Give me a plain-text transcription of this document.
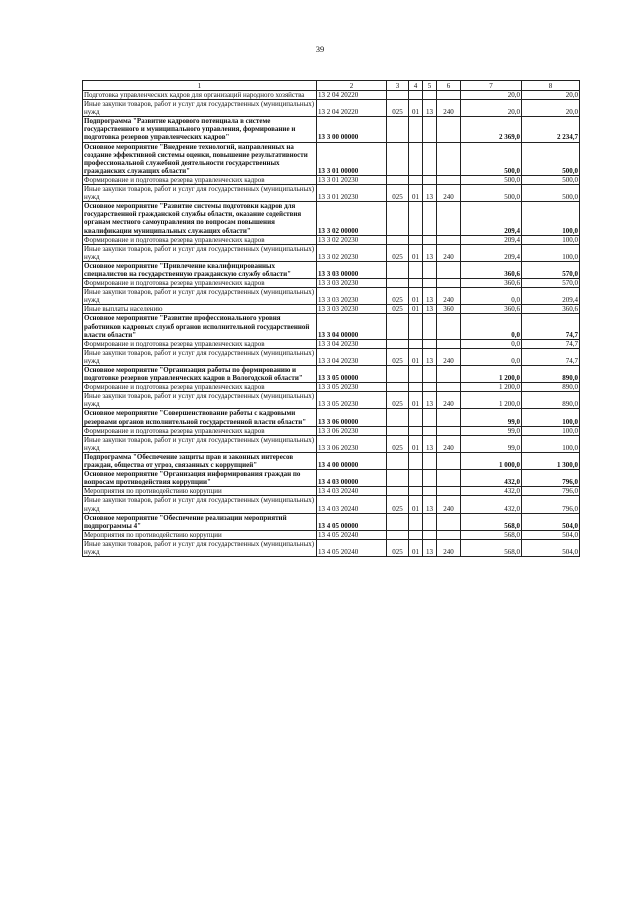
39
1	2	3	4	5	6	7	8
Подготовка управленческих кадров для организаций народного хозяйства	13 2 04 20220					20,0	20,0
Иные закупки товаров, работ и услуг для государственных (муниципальных) нужд	13 2 04 20220	025	01	13	240	20,0	20,0
Подпрограмма "Развитие кадрового потенциала в системе государственного и муниципального управления, формирование и подготовка резервов управленческих кадров"	13 3 00 00000					2 369,0	2 234,7
Основное мероприятие "Внедрение технологий, направленных на создание эффективной системы оценки, повышение результативности профессиональной служебной деятельности государственных гражданских служащих области"	13 3 01 00000					500,0	500,0
Формирование и подготовка резерва управленческих кадров	13 3 01 20230					500,0	500,0
Иные закупки товаров, работ и услуг для государственных (муниципальных) нужд	13 3 01 20230	025	01	13	240	500,0	500,0
Основное мероприятие "Развитие системы подготовки кадров для государственной гражданской службы области, оказание содействия органам местного самоуправления по вопросам повышения квалификации муниципальных служащих области"	13 3 02 00000					209,4	100,0
Формирование и подготовка резерва управленческих кадров	13 3 02 20230					209,4	100,0
Иные закупки товаров, работ и услуг для государственных (муниципальных) нужд	13 3 02 20230	025	01	13	240	209,4	100,0
Основное мероприятие "Привлечение квалифицированных специалистов на государственную гражданскую службу области"	13 3 03 00000					360,6	570,0
Формирование и подготовка резерва управленческих кадров	13 3 03 20230					360,6	570,0
Иные закупки товаров, работ и услуг для государственных (муниципальных) нужд	13 3 03 20230	025	01	13	240	0,0	209,4
Иные выплаты населению	13 3 03 20230	025	01	13	360	360,6	360,6
Основное мероприятие "Развитие профессионального уровня работников кадровых служб органов исполнительной государственной власти области"	13 3 04 00000					0,0	74,7
Формирование и подготовка резерва управленческих кадров	13 3 04 20230					0,0	74,7
Иные закупки товаров, работ и услуг для государственных (муниципальных) нужд	13 3 04 20230	025	01	13	240	0,0	74,7
Основное мероприятие "Организация работы по формированию и подготовке резервов управленческих кадров в Вологодской области"	13 3 05 00000					1 200,0	890,0
Формирование и подготовка резерва управленческих кадров	13 3 05 20230					1 200,0	890,0
Иные закупки товаров, работ и услуг для государственных (муниципальных) нужд	13 3 05 20230	025	01	13	240	1 200,0	890,0
Основное мероприятие "Совершенствование работы с кадровыми резервами органов исполнительной государственной власти области"	13 3 06 00000					99,0	100,0
Формирование и подготовка резерва управленческих кадров	13 3 06 20230					99,0	100,0
Иные закупки товаров, работ и услуг для государственных (муниципальных) нужд	13 3 06 20230	025	01	13	240	99,0	100,0
Подпрограмма "Обеспечение защиты прав и законных интересов граждан, общества от угроз, связанных с коррупцией"	13 4 00 00000					1 000,0	1 300,0
Основное мероприятие "Организация информирования граждан по вопросам противодействия коррупции"	13 4 03 00000					432,0	796,0
Мероприятия по противодействию коррупции	13 4 03 20240					432,0	796,0
Иные закупки товаров, работ и услуг для государственных (муниципальных) нужд	13 4 03 20240	025	01	13	240	432,0	796,0
Основное мероприятие "Обеспечение реализации мероприятий подпрограммы 4"	13 4 05 00000					568,0	504,0
Мероприятия по противодействию коррупции	13 4 05 20240					568,0	504,0
Иные закупки товаров, работ и услуг для государственных (муниципальных) нужд	13 4 05 20240	025	01	13	240	568,0	504,0
